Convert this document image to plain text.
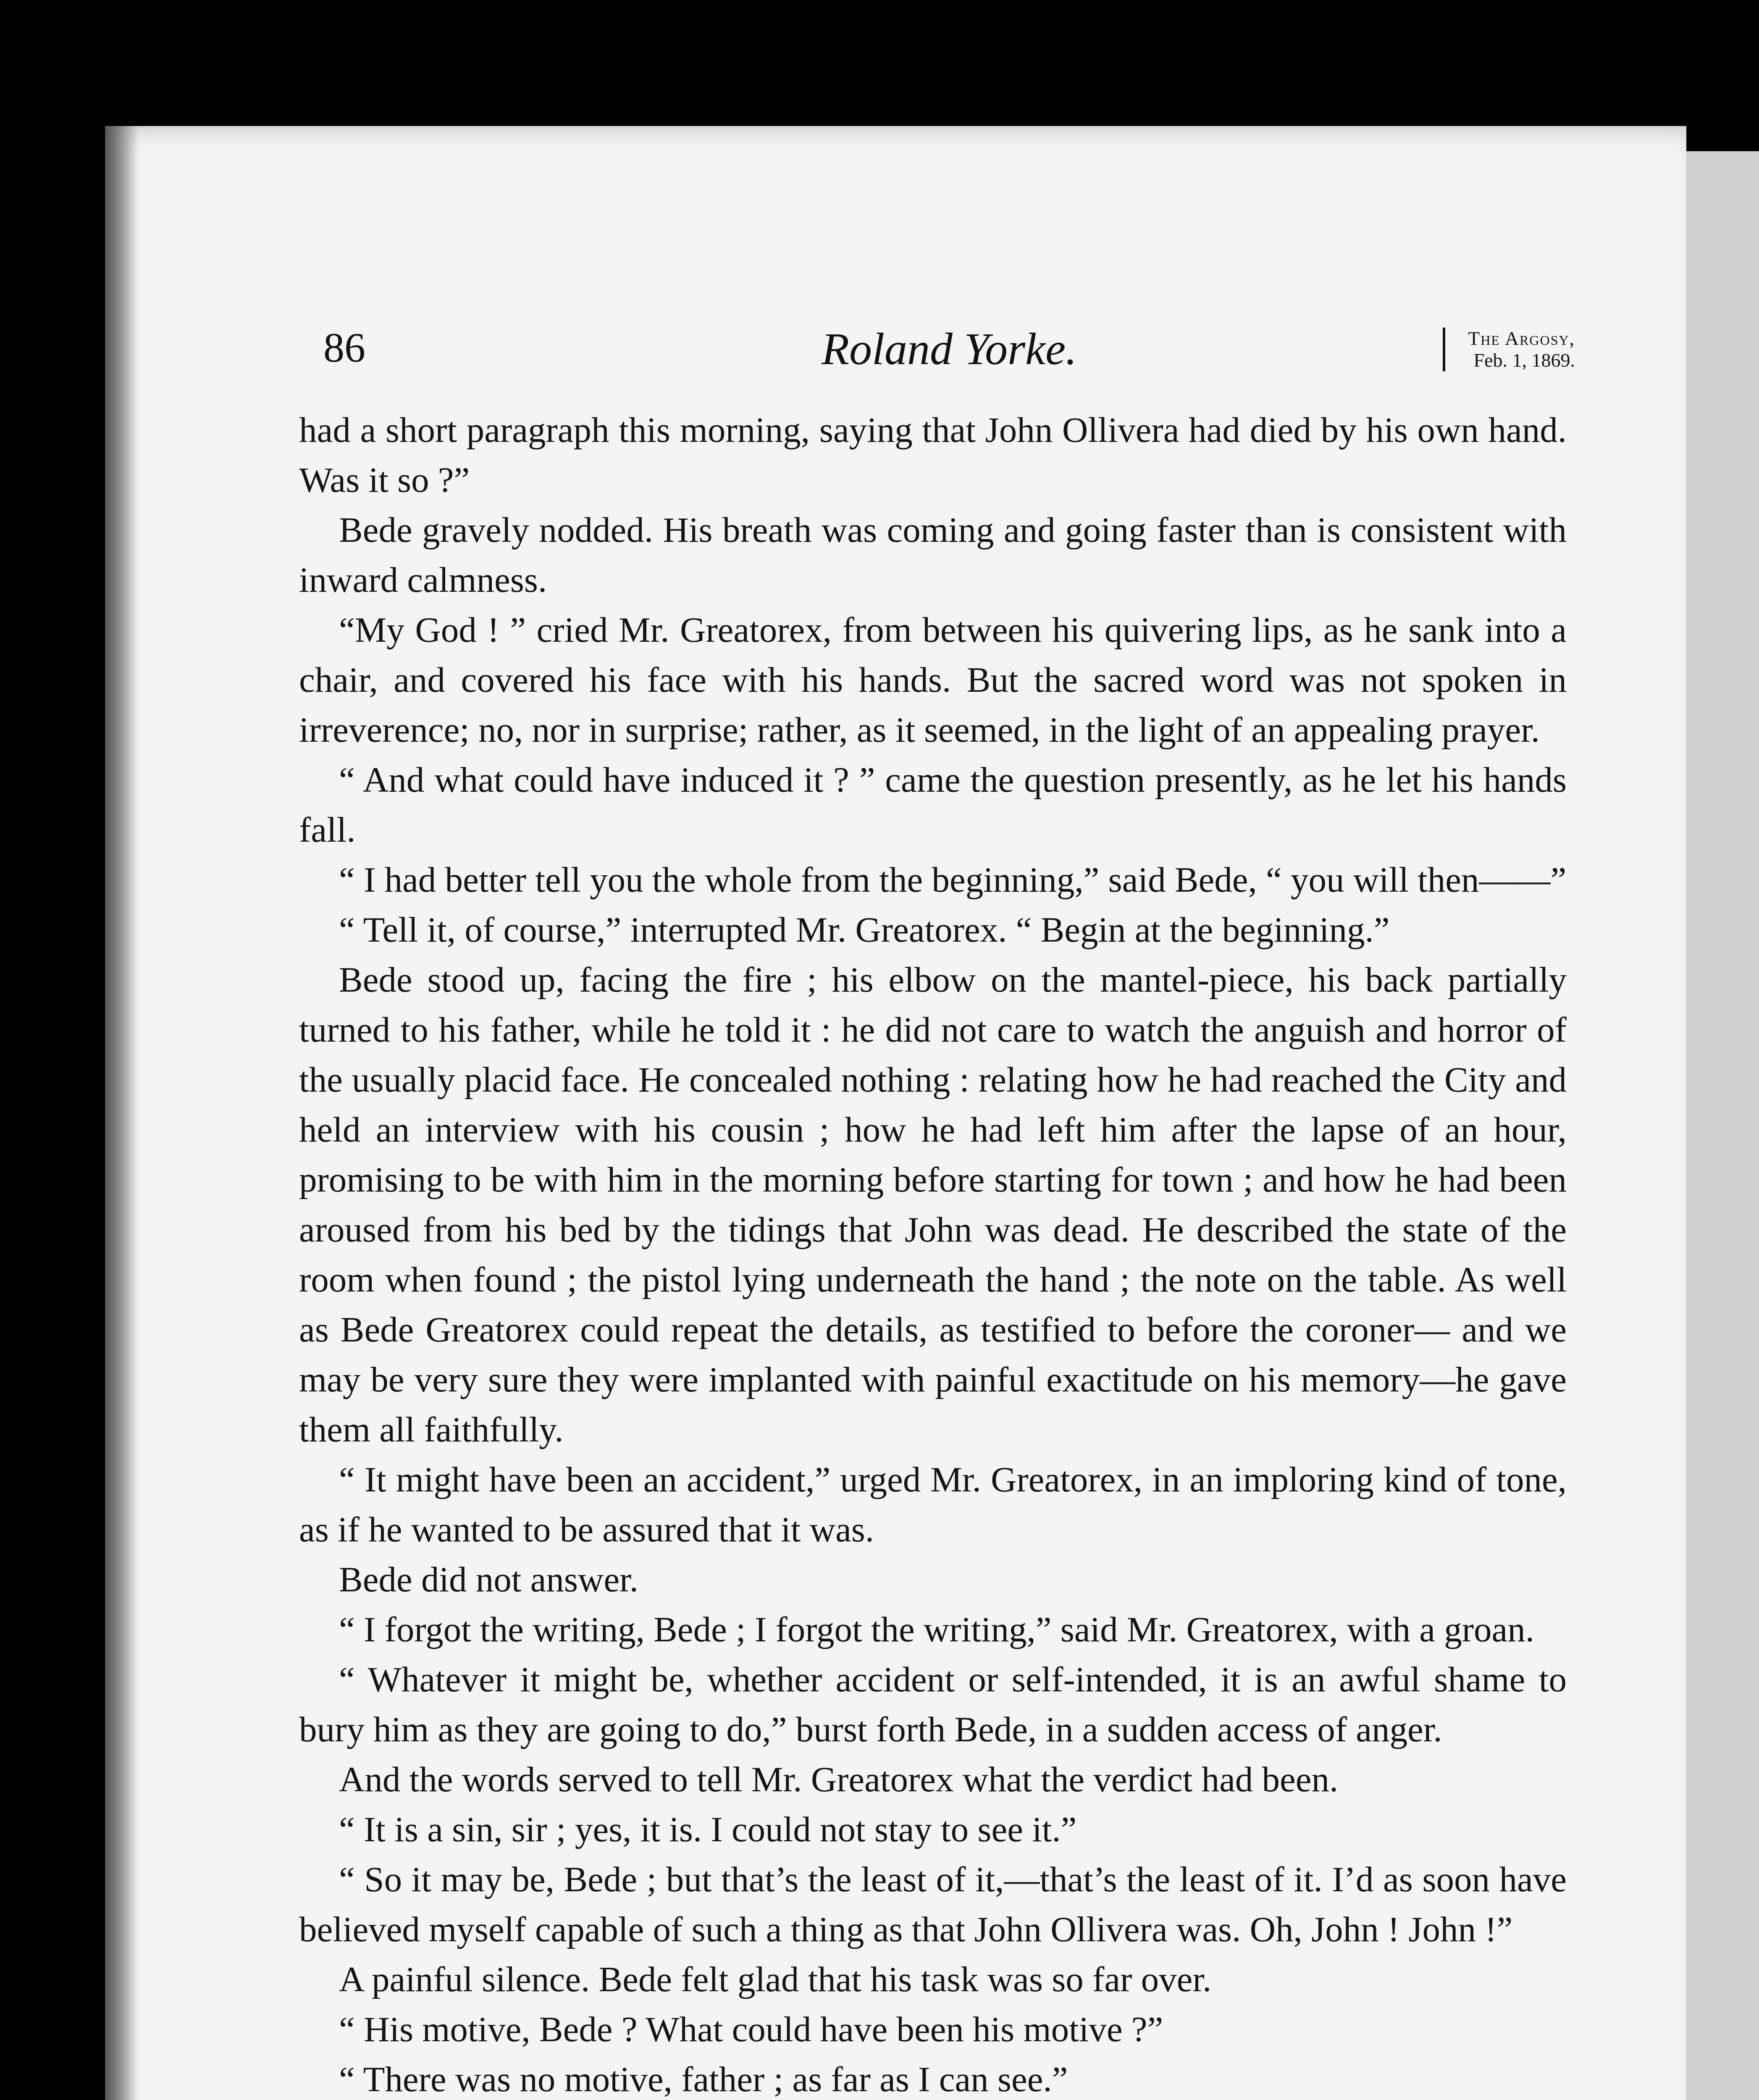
86	Roland Yorke.	The Argosy,
Feb. 1, 1869.

had a short paragraph this morning, saying that John Ollivera had died by his own hand. Was it so ?”

Bede gravely nodded. His breath was coming and going faster than is consistent with inward calmness.

“My God ! ” cried Mr. Greatorex, from between his quivering lips, as he sank into a chair, and covered his face with his hands. But the sacred word was not spoken in irreverence; no, nor in surprise; rather, as it seemed, in the light of an appealing prayer.

“ And what could have induced it ? ” came the question presently, as he let his hands fall.

“ I had better tell you the whole from the beginning,” said Bede, “ you will then——”

“ Tell it, of course,” interrupted Mr. Greatorex. “ Begin at the beginning.”

Bede stood up, facing the fire ; his elbow on the mantel-piece, his back partially turned to his father, while he told it : he did not care to watch the anguish and horror of the usually placid face. He concealed nothing : relating how he had reached the City and held an interview with his cousin ; how he had left him after the lapse of an hour, promising to be with him in the morning before starting for town ; and how he had been aroused from his bed by the tidings that John was dead. He described the state of the room when found ; the pistol lying underneath the hand ; the note on the table. As well as Bede Greatorex could repeat the details, as testified to before the coroner— and we may be very sure they were implanted with painful exactitude on his memory—he gave them all faithfully.

“ It might have been an accident,” urged Mr. Greatorex, in an imploring kind of tone, as if he wanted to be assured that it was.

Bede did not answer.

“ I forgot the writing, Bede ; I forgot the writing,” said Mr. Greatorex, with a groan.

“ Whatever it might be, whether accident or self-intended, it is an awful shame to bury him as they are going to do,” burst forth Bede, in a sudden access of anger.

And the words served to tell Mr. Greatorex what the verdict had been.

“ It is a sin, sir ; yes, it is. I could not stay to see it.”

“ So it may be, Bede ; but that’s the least of it,—that’s the least of it. I’d as soon have believed myself capable of such a thing as that John Ollivera was. Oh, John ! John !”

A painful silence. Bede felt glad that his task was so far over.

“ His motive, Bede ? What could have been his motive ?”

“ There was no motive, father ; as far as I can see.”
